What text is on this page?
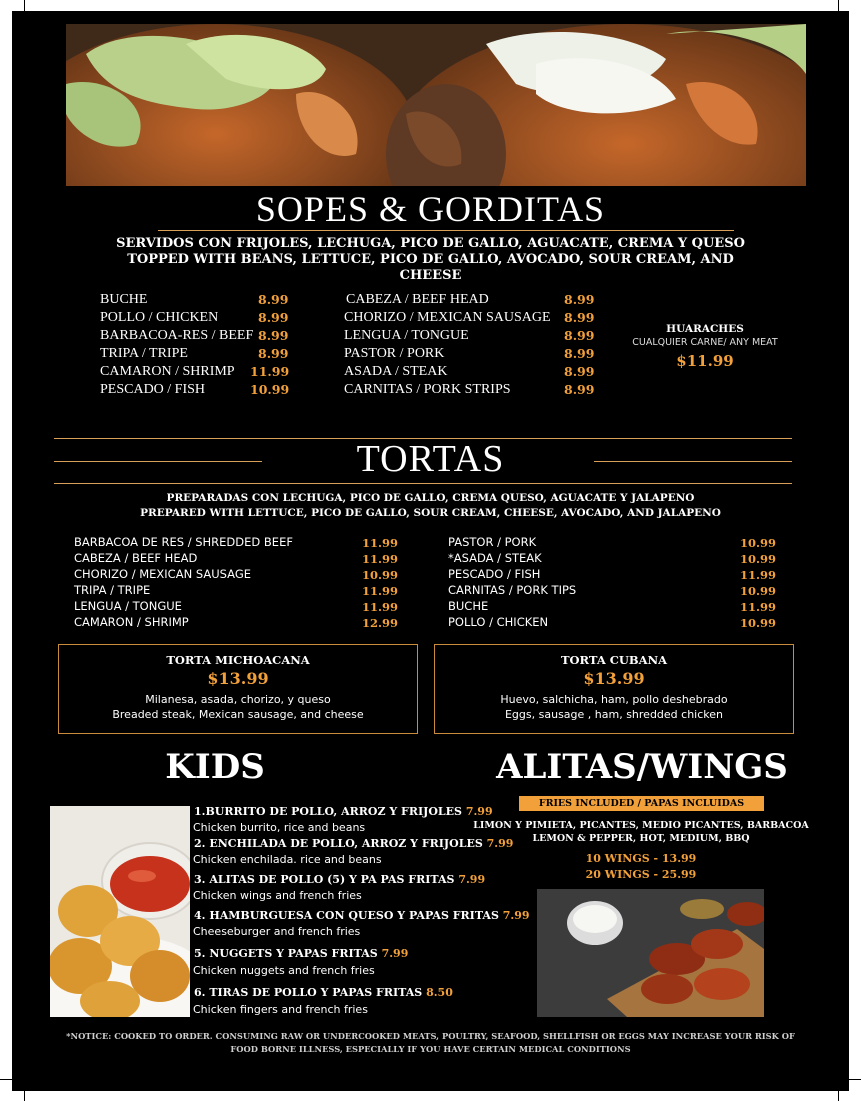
SOPES & GORDITAS
SERVIDOS CON FRIJOLES, LECHUGA, PICO DE GALLO, AGUACATE, CREMA Y QUESO
TOPPED WITH BEANS, LETTUCE, PICO DE GALLO, AVOCADO, SOUR CREAM, AND
CHEESE
BUCHE	8.99
POLLO / CHICKEN	8.99
BARBACOA-RES / BEEF 8.99
TRIPA / TRIPE	8.99
CAMARON / SHRIMP 11.99
PESCADO / FISH	10.99
CABEZA / BEEF HEAD	8.99
CHORIZO / MEXICAN SAUSAGE 8.99
LENGUA / TONGUE	8.99
PASTOR / PORK	8.99
ASADA / STEAK	8.99
CARNITAS / PORK STRIPS	8.99
HUARACHES
CUALQUIER CARNE/ ANY MEAT
$11.99
TORTAS
PREPARADAS CON LECHUGA, PICO DE GALLO, CREMA QUESO, AGUACATE Y JALAPENO
PREPARED WITH LETTUCE, PICO DE GALLO, SOUR CREAM, CHEESE, AVOCADO, AND JALAPENO
BARBACOA DE RES / SHREDDED BEEF	11.99
CABEZA / BEEF HEAD	11.99
CHORIZO / MEXICAN SAUSAGE	10.99
TRIPA / TRIPE	11.99
LENGUA / TONGUE	11.99
CAMARON / SHRIMP	12.99
PASTOR / PORK	10.99
*ASADA / STEAK	10.99
PESCADO / FISH	11.99
CARNITAS / PORK TIPS	10.99
BUCHE	11.99
POLLO / CHICKEN	10.99
TORTA MICHOACANA
$13.99
Milanesa, asada, chorizo, y queso
Breaded steak, Mexican sausage, and cheese
TORTA CUBANA
$13.99
Huevo, salchicha, ham, pollo deshebrado
Eggs, sausage , ham, shredded chicken
KIDS
1.BURRITO DE POLLO, ARROZ Y FRIJOLES 7.99
Chicken burrito, rice and beans
2. ENCHILADA DE POLLO, ARROZ Y FRIJOLES 7.99
Chicken enchilada. rice and beans
3. ALITAS DE POLLO (5) Y PA PAS FRITAS 7.99
Chicken wings and french fries
4. HAMBURGUESA CON QUESO Y PAPAS FRITAS 7.99
Cheeseburger and french fries
5. NUGGETS Y PAPAS FRITAS 7.99
Chicken nuggets and french fries
6. TIRAS DE POLLO Y PAPAS FRITAS 8.50
Chicken fingers and french fries
ALITAS/WINGS
FRIES INCLUDED / PAPAS INCLUIDAS
LIMON Y PIMIETA, PICANTES, MEDIO PICANTES, BARBACOA
LEMON & PEPPER, HOT, MEDIUM, BBQ
10 WINGS - 13.99
20 WINGS - 25.99
*NOTICE: COOKED TO ORDER. CONSUMING RAW OR UNDERCOOKED MEATS, POULTRY, SEAFOOD, SHELLFISH OR EGGS MAY INCREASE YOUR RISK OF
FOOD BORNE ILLNESS, ESPECIALLY IF YOU HAVE CERTAIN MEDICAL CONDITIONS
